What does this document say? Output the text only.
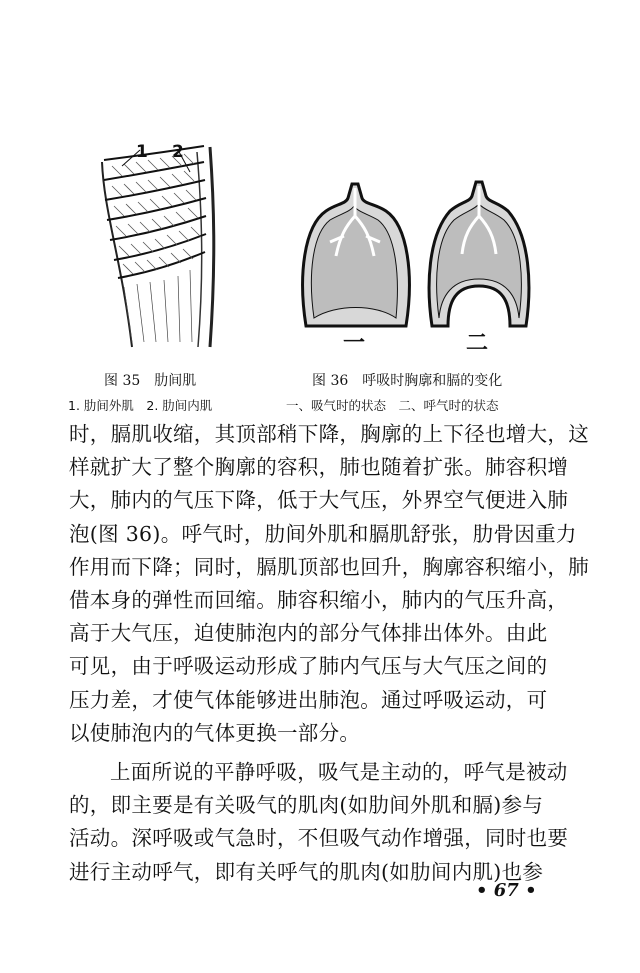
1 2
一	二
图 35　肋间肌	图 36　呼吸时胸廓和膈的变化
1. 肋间外肌　2. 肋间内肌	一、吸气时的状态　二、呼气时的状态
时，膈肌收缩，其顶部稍下降，胸廓的上下径也增大，这
样就扩大了整个胸廓的容积，肺也随着扩张。肺容积增
大，肺内的气压下降，低于大气压，外界空气便进入肺
泡(图 36)。呼气时，肋间外肌和膈肌舒张，肋骨因重力
作用而下降；同时，膈肌顶部也回升，胸廓容积缩小，肺
借本身的弹性而回缩。肺容积缩小，肺内的气压升高，
高于大气压，迫使肺泡内的部分气体排出体外。由此
可见，由于呼吸运动形成了肺内气压与大气压之间的
压力差，才使气体能够进出肺泡。通过呼吸运动，可
以使肺泡内的气体更换一部分。
上面所说的平静呼吸，吸气是主动的，呼气是被动
的，即主要是有关吸气的肌肉(如肋间外肌和膈)参与
活动。深呼吸或气急时，不但吸气动作增强，同时也要
进行主动呼气，即有关呼气的肌肉(如肋间内肌)也参
• 67 •
